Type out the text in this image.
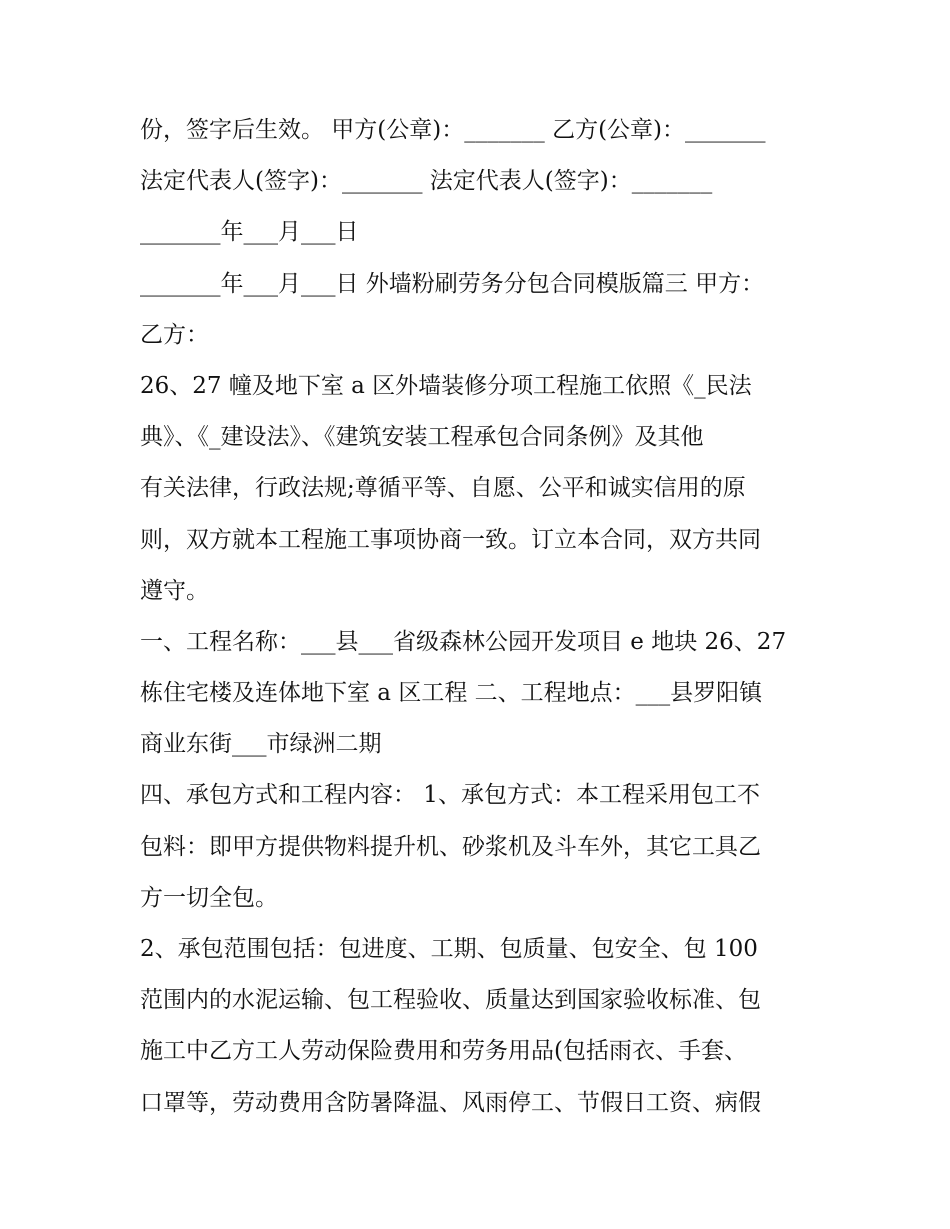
份，签字后生效。 甲方(公章)：_______ 乙方(公章)：_______
法定代表人(签字)：_______ 法定代表人(签字)：_______
_______年___月___日
_______年___月___日 外墙粉刷劳务分包合同模版篇三 甲方：
乙方：
26、27 幢及地下室 a 区外墙装修分项工程施工依照《_民法
典》、《_建设法》、《建筑安装工程承包合同条例》及其他
有关法律，行政法规;尊循平等、自愿、公平和诚实信用的原
则，双方就本工程施工事项协商一致。订立本合同，双方共同
遵守。
一、工程名称：___县___省级森林公园开发项目 e 地块 26、27
栋住宅楼及连体地下室 a 区工程 二、工程地点：___县罗阳镇
商业东街___市绿洲二期
四、承包方式和工程内容： 1、承包方式：本工程采用包工不
包料：即甲方提供物料提升机、砂浆机及斗车外，其它工具乙
方一切全包。
2、承包范围包括：包进度、工期、包质量、包安全、包 100
范围内的水泥运输、包工程验收、质量达到国家验收标准、包
施工中乙方工人劳动保险费用和劳务用品(包括雨衣、手套、
口罩等，劳动费用含防暑降温、风雨停工、节假日工资、病假
